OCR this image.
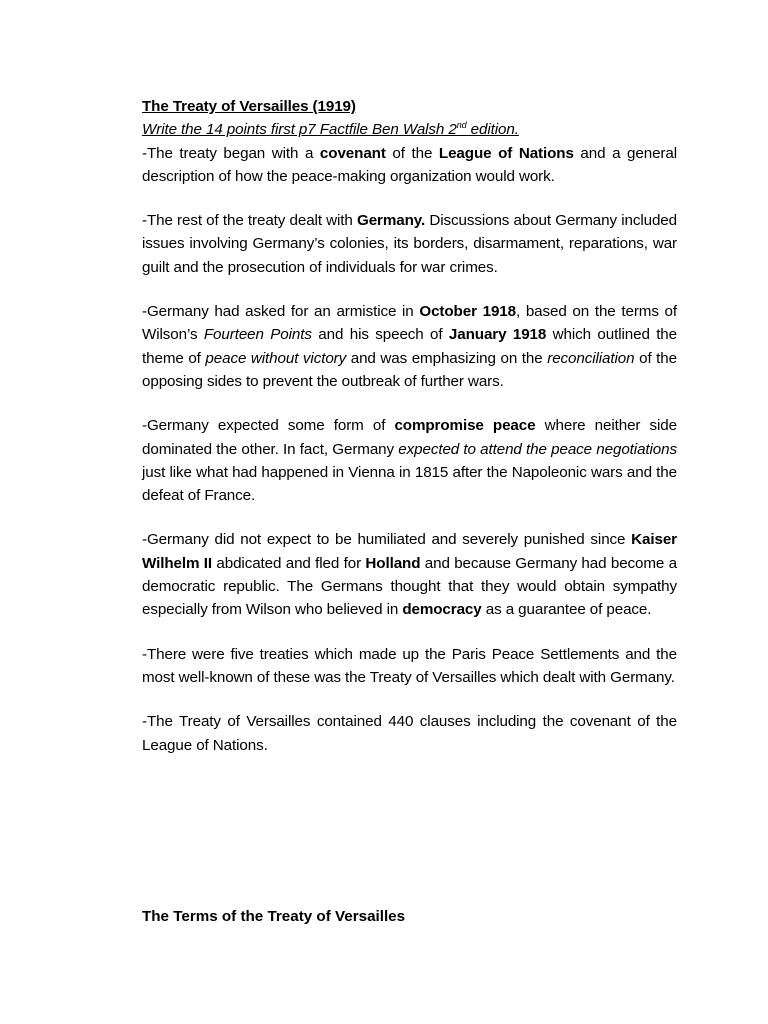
The Treaty of Versailles (1919)

Write the 14 points first p7 Factfile Ben Walsh 2nd edition.

-The treaty began with a covenant of the League of Nations and a general description of how the peace-making organization would work.

-The rest of the treaty dealt with Germany. Discussions about Germany included issues involving Germany’s colonies, its borders, disarmament, reparations, war guilt and the prosecution of individuals for war crimes.

-Germany had asked for an armistice in October 1918, based on the terms of Wilson’s Fourteen Points and his speech of January 1918 which outlined the theme of peace without victory and was emphasizing on the reconciliation of the opposing sides to prevent the outbreak of further wars.

-Germany expected some form of compromise peace where neither side dominated the other. In fact, Germany expected to attend the peace negotiations just like what had happened in Vienna in 1815 after the Napoleonic wars and the defeat of France.

-Germany did not expect to be humiliated and severely punished since Kaiser Wilhelm II abdicated and fled for Holland and because Germany had become a democratic republic. The Germans thought that they would obtain sympathy especially from Wilson who believed in democracy as a guarantee of peace.

-There were five treaties which made up the Paris Peace Settlements and the most well-known of these was the Treaty of Versailles which dealt with Germany.

-The Treaty of Versailles contained 440 clauses including the covenant of the League of Nations.

The Terms of the Treaty of Versailles
